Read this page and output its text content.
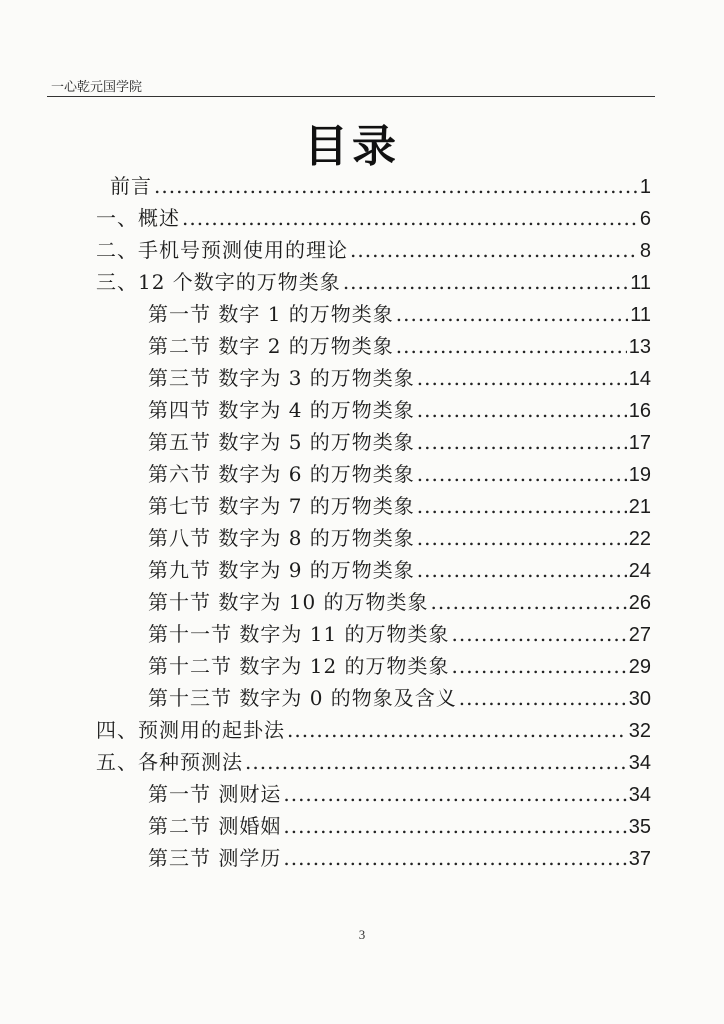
一心乾元国学院
目录
前言 .....	1
一、概述 .....	6
二、手机号预测使用的理论 .....	8
三、12 个数字的万物类象 .....	11
第一节 数字 1 的万物类象 .....	11
第二节 数字 2 的万物类象 .....	13
第三节 数字为 3 的万物类象 .....	14
第四节 数字为 4 的万物类象 .....	16
第五节 数字为 5 的万物类象 .....	17
第六节 数字为 6 的万物类象 .....	19
第七节 数字为 7 的万物类象 .....	21
第八节 数字为 8 的万物类象 .....	22
第九节 数字为 9 的万物类象 .....	24
第十节 数字为 10 的万物类象 .....	26
第十一节 数字为 11 的万物类象 .....	27
第十二节 数字为 12 的万物类象 .....	29
第十三节 数字为 0 的物象及含义 .....	30
四、预测用的起卦法 .....	32
五、各种预测法 .....	34
第一节 测财运 .....	34
第二节 测婚姻 .....	35
第三节 测学历 .....	37
3
